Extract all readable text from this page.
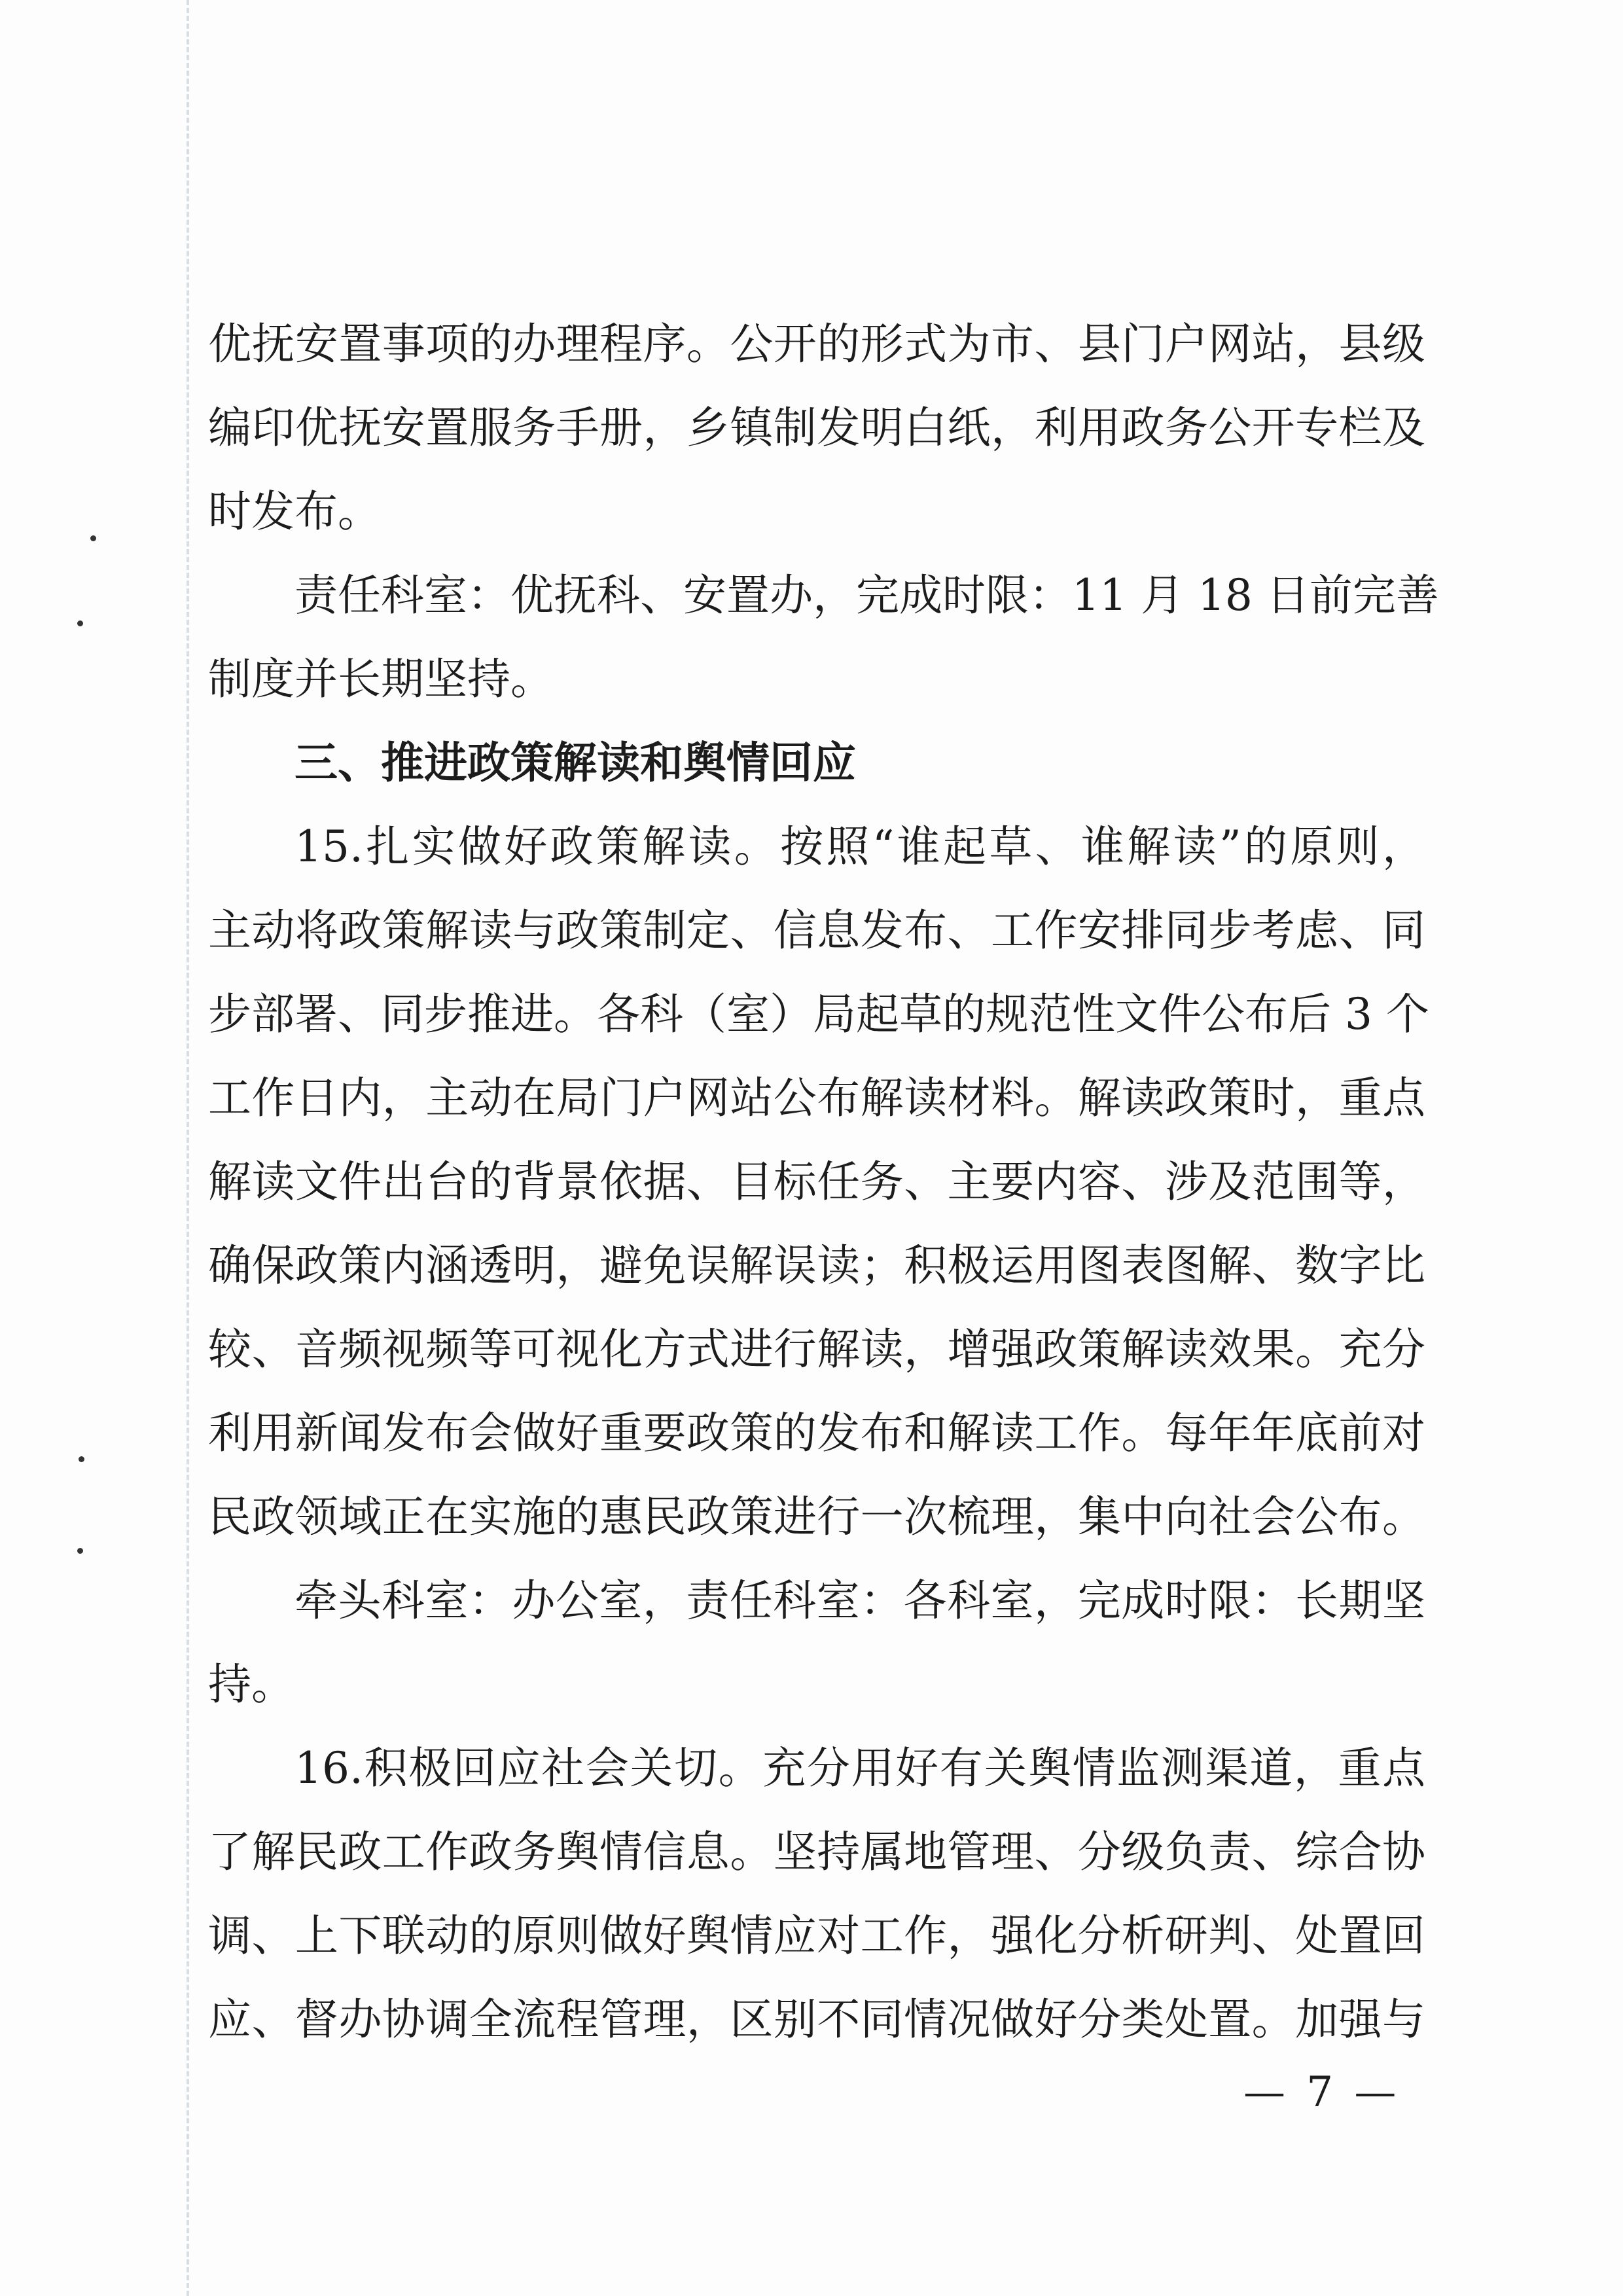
优抚安置事项的办理程序。公开的形式为市、县门户网站，县级
编印优抚安置服务手册，乡镇制发明白纸，利用政务公开专栏及
时发布。
责任科室：优抚科、安置办，完成时限：11 月 18 日前完善
制度并长期坚持。
三、推进政策解读和舆情回应
15.扎实做好政策解读。按照“谁起草、谁解读”的原则，
主动将政策解读与政策制定、信息发布、工作安排同步考虑、同
步部署、同步推进。各科（室）局起草的规范性文件公布后 3 个
工作日内，主动在局门户网站公布解读材料。解读政策时，重点
解读文件出台的背景依据、目标任务、主要内容、涉及范围等，
确保政策内涵透明，避免误解误读；积极运用图表图解、数字比
较、音频视频等可视化方式进行解读，增强政策解读效果。充分
利用新闻发布会做好重要政策的发布和解读工作。每年年底前对
民政领域正在实施的惠民政策进行一次梳理，集中向社会公布。
牵头科室：办公室，责任科室：各科室，完成时限：长期坚
持。
16.积极回应社会关切。充分用好有关舆情监测渠道，重点
了解民政工作政务舆情信息。坚持属地管理、分级负责、综合协
调、上下联动的原则做好舆情应对工作，强化分析研判、处置回
应、督办协调全流程管理，区别不同情况做好分类处置。加强与
— 7 —
